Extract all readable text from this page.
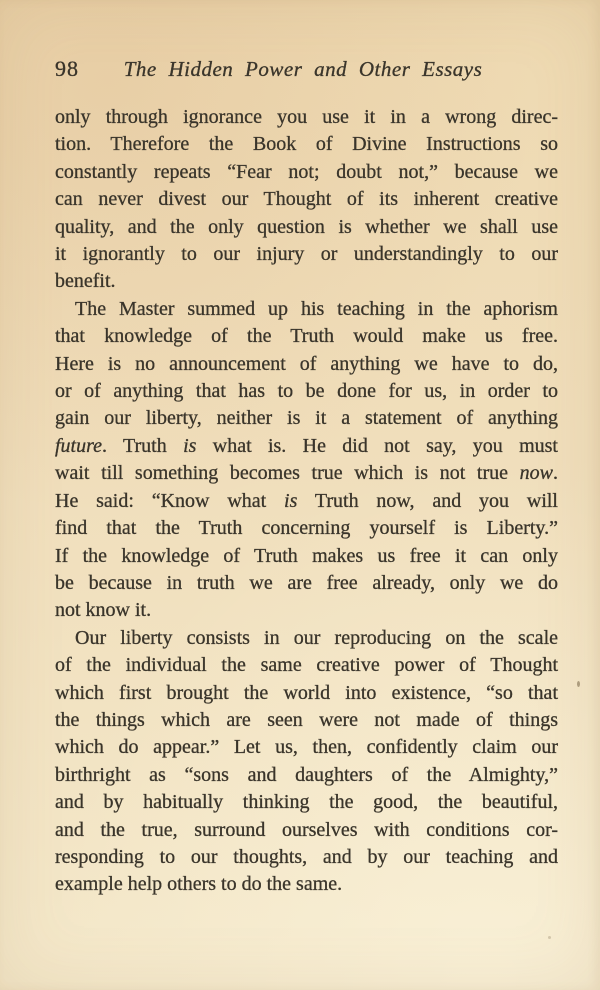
98	The Hidden Power and Other Essays
only through ignorance you use it in a wrong direc-
tion. Therefore the Book of Divine Instructions so
constantly repeats “Fear not; doubt not,” because we
can never divest our Thought of its inherent creative
quality, and the only question is whether we shall use
it ignorantly to our injury or understandingly to our
benefit.
The Master summed up his teaching in the aphorism
that knowledge of the Truth would make us free.
Here is no announcement of anything we have to do,
or of anything that has to be done for us, in order to
gain our liberty, neither is it a statement of anything
future. Truth is what is. He did not say, you must
wait till something becomes true which is not true now.
He said: “Know what is Truth now, and you will
find that the Truth concerning yourself is Liberty.”
If the knowledge of Truth makes us free it can only
be because in truth we are free already, only we do
not know it.
Our liberty consists in our reproducing on the scale
of the individual the same creative power of Thought
which first brought the world into existence, “so that
the things which are seen were not made of things
which do appear.” Let us, then, confidently claim our
birthright as “sons and daughters of the Almighty,”
and by habitually thinking the good, the beautiful,
and the true, surround ourselves with conditions cor-
responding to our thoughts, and by our teaching and
example help others to do the same.
